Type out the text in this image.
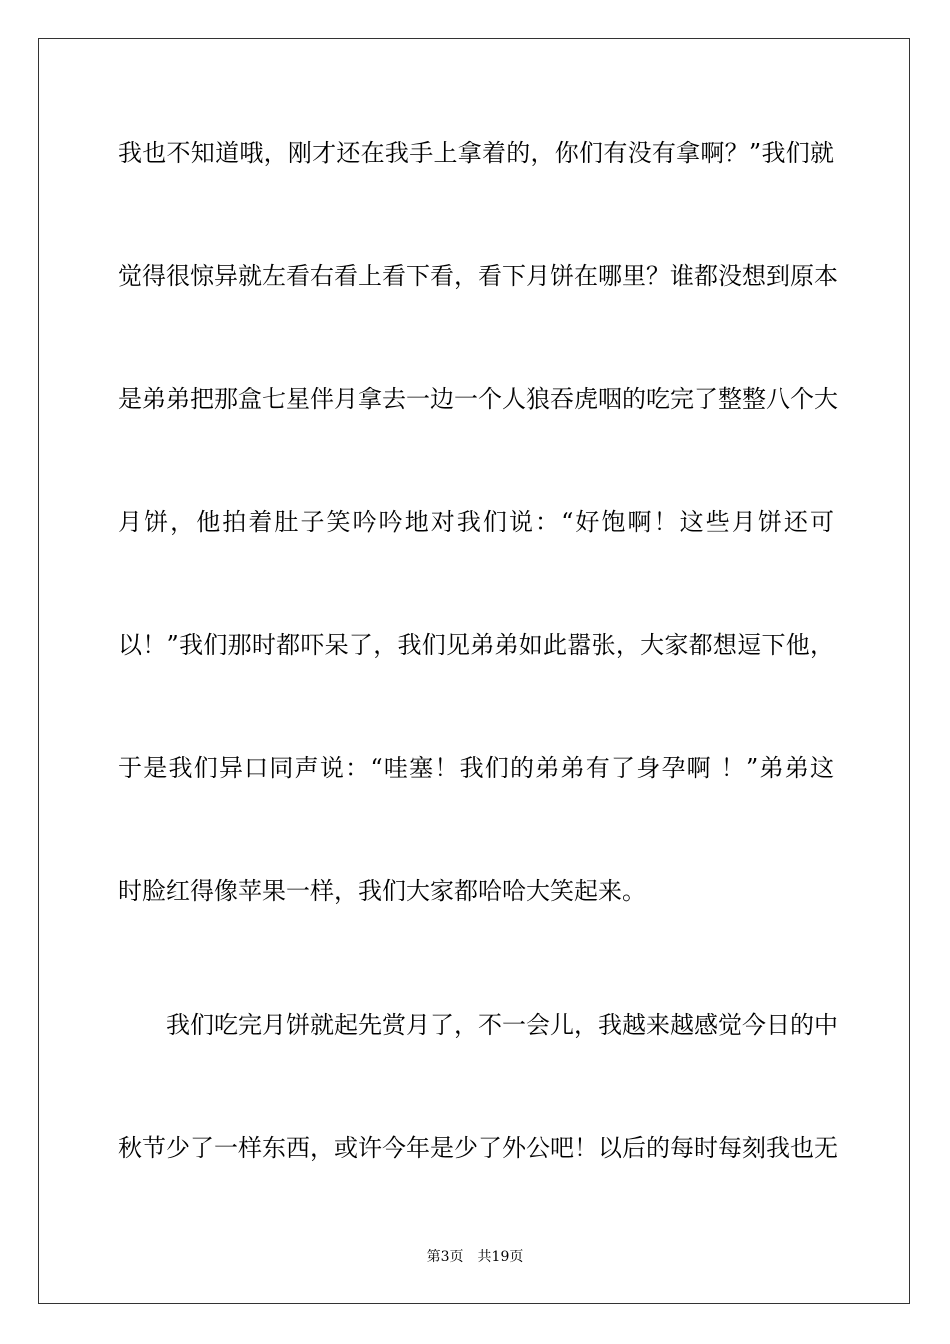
我也不知道哦，刚才还在我手上拿着的，你们有没有拿啊？”我们就
觉得很惊异就左看右看上看下看，看下月饼在哪里？谁都没想到原本
是弟弟把那盒七星伴月拿去一边一个人狼吞虎咽的吃完了整整八个大
月饼，他拍着肚子笑吟吟地对我们说：“好饱啊！这些月饼还可
以！”我们那时都吓呆了，我们见弟弟如此嚣张，大家都想逗下他，
于是我们异口同声说：“哇塞！我们的弟弟有了身孕啊 ！”弟弟这
时脸红得像苹果一样，我们大家都哈哈大笑起来。
我们吃完月饼就起先赏月了，不一会儿，我越来越感觉今日的中
秋节少了一样东西，或许今年是少了外公吧！以后的每时每刻我也无
第3页 共19页
